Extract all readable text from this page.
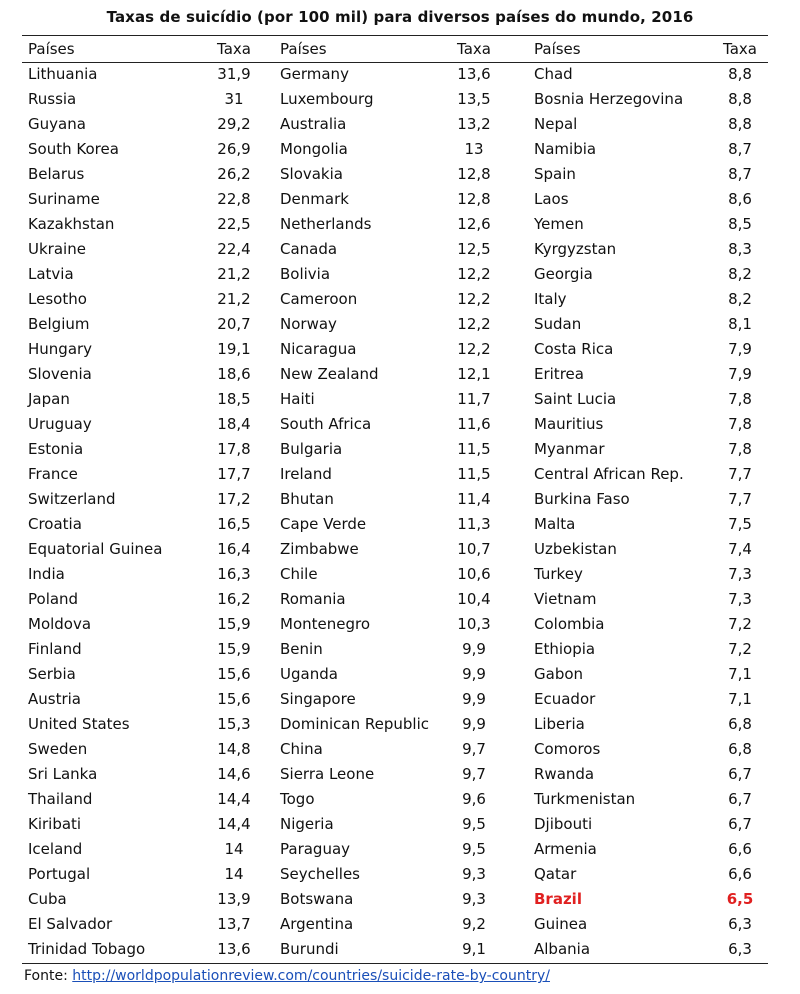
Taxas de suicídio (por 100 mil) para diversos países do mundo, 2016
Países	Taxa
Lithuania	31,9
Russia	31
Guyana	29,2
South Korea	26,9
Belarus	26,2
Suriname	22,8
Kazakhstan	22,5
Ukraine	22,4
Latvia	21,2
Lesotho	21,2
Belgium	20,7
Hungary	19,1
Slovenia	18,6
Japan	18,5
Uruguay	18,4
Estonia	17,8
France	17,7
Switzerland	17,2
Croatia	16,5
Equatorial Guinea	16,4
India	16,3
Poland	16,2
Moldova	15,9
Finland	15,9
Serbia	15,6
Austria	15,6
United States	15,3
Sweden	14,8
Sri Lanka	14,6
Thailand	14,4
Kiribati	14,4
Iceland	14
Portugal	14
Cuba	13,9
El Salvador	13,7
Trinidad Tobago	13,6
Países	Taxa
Germany	13,6
Luxembourg	13,5
Australia	13,2
Mongolia	13
Slovakia	12,8
Denmark	12,8
Netherlands	12,6
Canada	12,5
Bolivia	12,2
Cameroon	12,2
Norway	12,2
Nicaragua	12,2
New Zealand	12,1
Haiti	11,7
South Africa	11,6
Bulgaria	11,5
Ireland	11,5
Bhutan	11,4
Cape Verde	11,3
Zimbabwe	10,7
Chile	10,6
Romania	10,4
Montenegro	10,3
Benin	9,9
Uganda	9,9
Singapore	9,9
Dominican Republic	9,9
China	9,7
Sierra Leone	9,7
Togo	9,6
Nigeria	9,5
Paraguay	9,5
Seychelles	9,3
Botswana	9,3
Argentina	9,2
Burundi	9,1
Países	Taxa
Chad	8,8
Bosnia Herzegovina	8,8
Nepal	8,8
Namibia	8,7
Spain	8,7
Laos	8,6
Yemen	8,5
Kyrgyzstan	8,3
Georgia	8,2
Italy	8,2
Sudan	8,1
Costa Rica	7,9
Eritrea	7,9
Saint Lucia	7,8
Mauritius	7,8
Myanmar	7,8
Central African Rep.	7,7
Burkina Faso	7,7
Malta	7,5
Uzbekistan	7,4
Turkey	7,3
Vietnam	7,3
Colombia	7,2
Ethiopia	7,2
Gabon	7,1
Ecuador	7,1
Liberia	6,8
Comoros	6,8
Rwanda	6,7
Turkmenistan	6,7
Djibouti	6,7
Armenia	6,6
Qatar	6,6
Brazil	6,5
Guinea	6,3
Albania	6,3
Fonte: http://worldpopulationreview.com/countries/suicide-rate-by-country/
